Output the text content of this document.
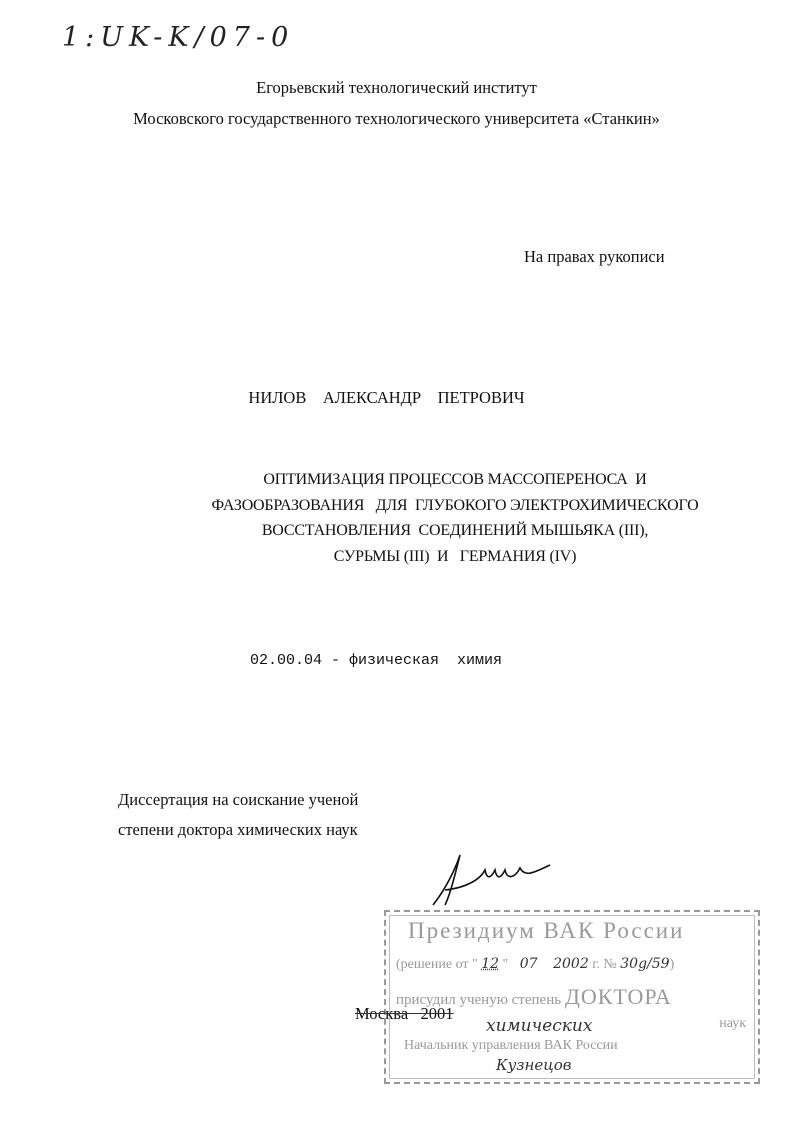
1:UK-K/07-0
Егорьевский технологический институт
Московского государственного технологического университета «Станкин»
На правах рукописи
НИЛОВ    АЛЕКСАНДР    ПЕТРОВИЧ
ОПТИМИЗАЦИЯ ПРОЦЕССОВ МАССОПЕРЕНОСА  И
ФАЗООБРАЗОВАНИЯ   ДЛЯ  ГЛУБОКОГО ЭЛЕКТРОХИМИЧЕСКОГО
ВОССТАНОВЛЕНИЯ  СОЕДИНЕНИЙ МЫШЬЯКА (III),
СУРЬМЫ (III)  И   ГЕРМАНИЯ (IV)
02.00.04 - физическая  химия
Диссертация на соискание ученой
степени доктора химических наук
Президиум ВАК России
(решение от " 12 " 07 2002 г. № 30g/59)
присудил ученую степень ДОКТОРА
химических	наук
Начальник управления ВАК России
Кузнецов
Москва   2001
